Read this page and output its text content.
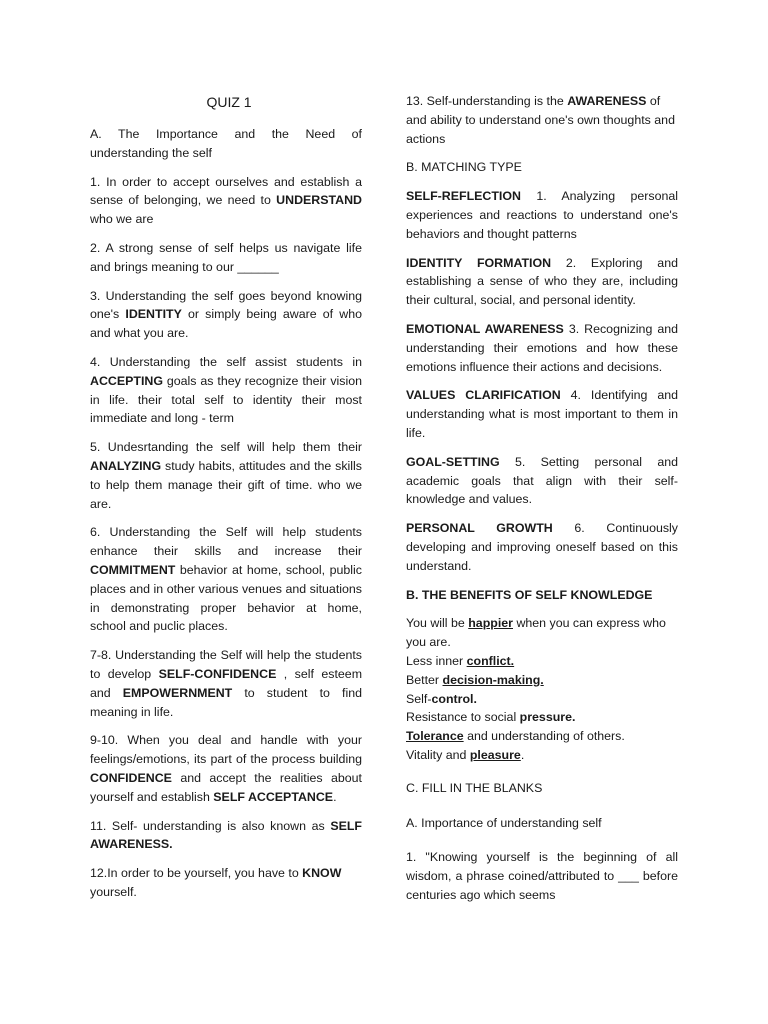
QUIZ 1

A. The Importance and the Need of understanding the self

1. In order to accept ourselves and establish a sense of belonging, we need to UNDERSTAND who we are

2. A strong sense of self helps us navigate life and brings meaning to our ______

3. Understanding the self goes beyond knowing one's IDENTITY or simply being aware of who and what you are.

4. Understanding the self assist students in ACCEPTING goals as they recognize their vision in life. their total self to identity their most immediate and long - term

5. Undesrtanding the self will help them their ANALYZING study habits, attitudes and the skills to help them manage their gift of time. who we are.

6. Understanding the Self will help students enhance their skills and increase their COMMITMENT behavior at home, school, public places and in other various venues and situations in demonstrating proper behavior at home, school and puclic places.

7-8. Understanding the Self will help the students to develop SELF-CONFIDENCE , self esteem and EMPOWERNMENT to student to find meaning in life.

9-10. When you deal and handle with your feelings/emotions, its part of the process building CONFIDENCE and accept the realities about yourself and establish SELF ACCEPTANCE.

11. Self- understanding is also known as SELF AWARENESS.

12.In order to be yourself, you have to KNOW yourself.

13. Self-understanding is the AWARENESS of and ability to understand one's own thoughts and actions

B. MATCHING TYPE

SELF-REFLECTION 1. Analyzing personal experiences and reactions to understand one's behaviors and thought patterns

IDENTITY FORMATION 2. Exploring and establishing a sense of who they are, including their cultural, social, and personal identity.

EMOTIONAL AWARENESS 3. Recognizing and understanding their emotions and how these emotions influence their actions and decisions.

VALUES CLARIFICATION 4. Identifying and understanding what is most important to them in life.

GOAL-SETTING 5. Setting personal and academic goals that align with their self-knowledge and values.

PERSONAL GROWTH 6. Continuously developing and improving oneself based on this understand.

B. THE BENEFITS OF SELF KNOWLEDGE

You will be happier when you can express who you are.

Less inner conflict.

Better decision-making.

Self-control.

Resistance to social pressure.

Tolerance and understanding of others.

Vitality and pleasure.

C. FILL IN THE BLANKS

A. Importance of understanding self

1. "Knowing yourself is the beginning of all wisdom, a phrase coined/attributed to ___ before centuries ago which seems
